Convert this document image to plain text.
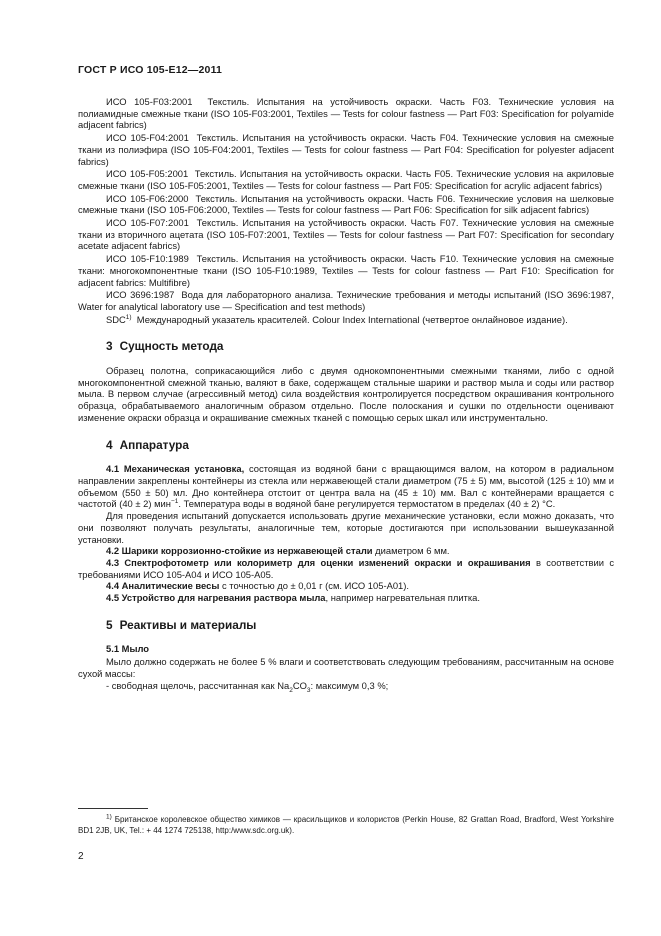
ГОСТ Р ИСО 105-Е12—2011

ИСО 105-F03:2001 Текстиль. Испытания на устойчивость окраски. Часть F03. Технические условия на полиамидные смежные ткани (ISO 105-F03:2001, Textiles — Tests for colour fastness — Part F03: Specification for polyamide adjacent fabrics)

ИСО 105-F04:2001 Текстиль. Испытания на устойчивость окраски. Часть F04. Технические условия на смежные ткани из полиэфира (ISO 105-F04:2001, Textiles — Tests for colour fastness — Part F04: Specification for polyester adjacent fabrics)

ИСО 105-F05:2001 Текстиль. Испытания на устойчивость окраски. Часть F05. Технические условия на акриловые смежные ткани (ISO 105-F05:2001, Textiles — Tests for colour fastness — Part F05: Specification for acrylic adjacent fabrics)

ИСО 105-F06:2000 Текстиль. Испытания на устойчивость окраски. Часть F06. Технические условия на шелковые смежные ткани (ISO 105-F06:2000, Textiles — Tests for colour fastness — Part F06: Specification for silk adjacent fabrics)

ИСО 105-F07:2001 Текстиль. Испытания на устойчивость окраски. Часть F07. Технические условия на смежные ткани из вторичного ацетата (ISO 105-F07:2001, Textiles — Tests for colour fastness — Part F07: Specification for secondary acetate adjacent fabrics)

ИСО 105-F10:1989 Текстиль. Испытания на устойчивость окраски. Часть F10. Технические условия на смежные ткани: многокомпонентные ткани (ISO 105-F10:1989, Textiles — Tests for colour fastness — Part F10: Specification for adjacent fabrics: Multifibre)

ИСО 3696:1987 Вода для лабораторного анализа. Технические требования и методы испытаний (ISO 3696:1987, Water for analytical laboratory use — Specification and test methods)

SDC$^{1)}$ Международный указатель красителей. Colour Index International (четвертое онлайновое издание).

3 Сущность метода

Образец полотна, соприкасающийся либо с двумя однокомпонентными смежными тканями, либо с одной многокомпонентной смежной тканью, валяют в баке, содержащем стальные шарики и раствор мыла и соды или раствор мыла. В первом случае (агрессивный метод) сила воздействия контролируется посредством окрашивания контрольного образца, обрабатываемого аналогичным образом отдельно. После полоскания и сушки по отдельности оценивают изменение окраски образца и окрашивание смежных тканей с помощью серых шкал или инструментально.

4 Аппаратура

4.1 Механическая установка, состоящая из водяной бани с вращающимся валом, на котором в радиальном направлении закреплены контейнеры из стекла или нержавеющей стали диаметром (75 ± 5) мм, высотой (125 ± 10) мм и объемом (550 ± 50) мл. Дно контейнера отстоит от центра вала на (45 ± 10) мм. Вал с контейнерами вращается с частотой (40 ± 2) мин$^{-1}$. Температура воды в водяной бане регулируется термостатом в пределах (40 ± 2) °С.

Для проведения испытаний допускается использовать другие механические установки, если можно доказать, что они позволяют получать результаты, аналогичные тем, которые достигаются при использовании вышеуказанной установки.

4.2 Шарики коррозионно-стойкие из нержавеющей стали диаметром 6 мм.

4.3 Спектрофотометр или колориметр для оценки изменений окраски и окрашивания в соответствии с требованиями ИСО 105-А04 и ИСО 105-А05.

4.4 Аналитические весы с точностью до ± 0,01 г (см. ИСО 105-А01).

4.5 Устройство для нагревания раствора мыла, например нагревательная плитка.

5 Реактивы и материалы

5.1 Мыло

Мыло должно содержать не более 5 % влаги и соответствовать следующим требованиям, рассчитанным на основе сухой массы:

- свободная щелочь, рассчитанная как $Na_2CO_3$: максимум 0,3 %;

$^{1)}$ Британское королевское общество химиков — красильщиков и колористов (Perkin House, 82 Grattan Road, Bradford, West Yorkshire BD1 2JB, UK, Tel.: + 44 1274 725138, http:/www.sdc.org.uk).
2
